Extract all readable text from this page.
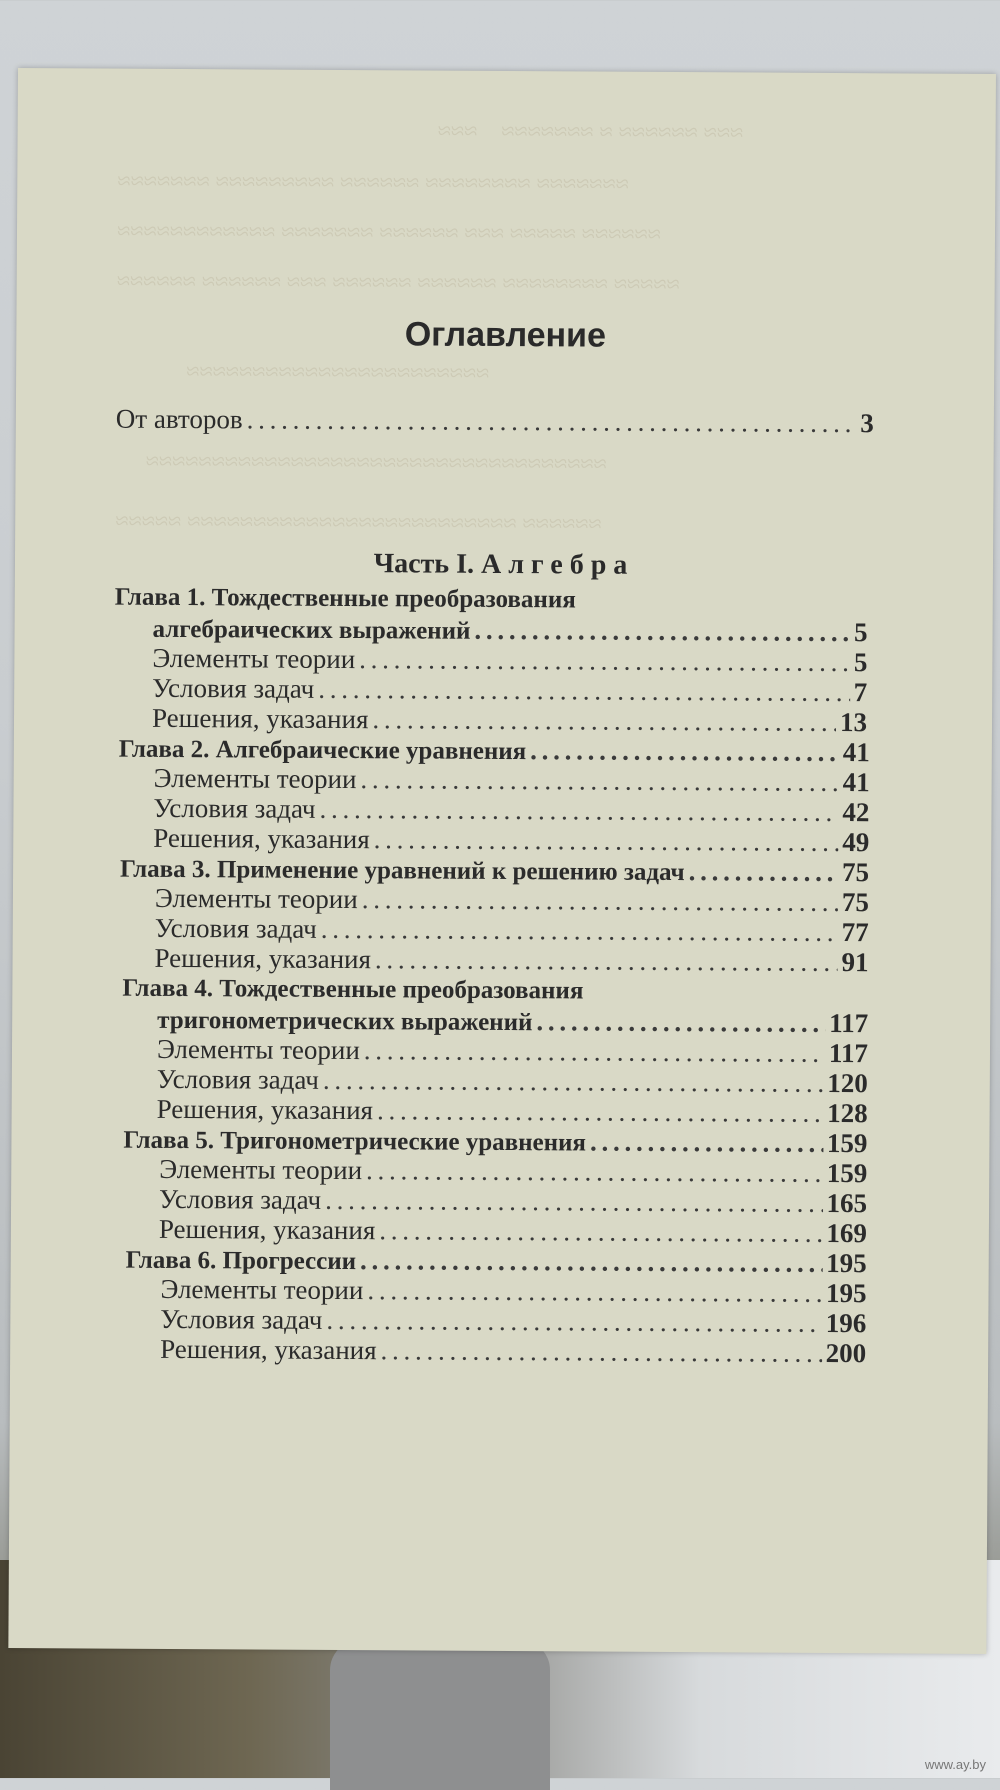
≈≈≈ ≈≈≈≈≈≈ ≈ ≈≈≈≈≈≈≈    ≈≈≈
≈≈≈≈≈≈≈ ≈≈≈≈≈≈≈≈ ≈≈≈≈≈≈ ≈≈≈≈≈≈≈≈≈ ≈≈≈≈≈≈≈
≈≈≈≈≈≈ ≈≈≈≈≈ ≈≈≈ ≈≈≈≈≈≈ ≈≈≈≈≈≈≈ ≈≈≈≈≈≈≈≈≈≈≈≈
≈≈≈≈≈ ≈≈≈≈≈≈≈≈ ≈≈≈≈≈≈ ≈≈≈≈≈≈ ≈≈≈ ≈≈≈≈≈≈ ≈≈≈≈≈≈
≈≈≈≈≈≈≈≈≈≈≈≈≈≈≈≈≈≈≈≈≈≈≈
≈≈≈≈≈≈≈≈≈≈≈≈≈≈≈≈≈≈≈≈≈≈≈≈≈≈≈≈≈≈≈≈≈≈≈
≈≈≈≈≈≈ ≈≈≈≈≈≈≈≈≈≈≈≈≈≈≈≈≈≈≈≈≈≈≈≈≈ ≈≈≈≈≈
Оглавление
От авторов . . .	3
Часть I. Алгебра
Глава 1. Тождественные преобразования
алгебраических выражений . . .	5
Элементы теории . . .	5
Условия задач . . .	7
Решения, указания . . .	13
Глава 2. Алгебраические уравнения . . .	41
Элементы теории . . .	41
Условия задач . . .	42
Решения, указания . . .	49
Глава 3. Применение уравнений к решению задач . . .	75
Элементы теории . . .	75
Условия задач . . .	77
Решения, указания . . .	91
Глава 4. Тождественные преобразования
тригонометрических выражений . . .	117
Элементы теории . . .	117
Условия задач . . .	120
Решения, указания . . .	128
Глава 5. Тригонометрические уравнения . . .	159
Элементы теории . . .	159
Условия задач . . .	165
Решения, указания . . .	169
Глава 6. Прогрессии . . .	195
Элементы теории . . .	195
Условия задач . . .	196
Решения, указания . . .	200
www.ay.by
